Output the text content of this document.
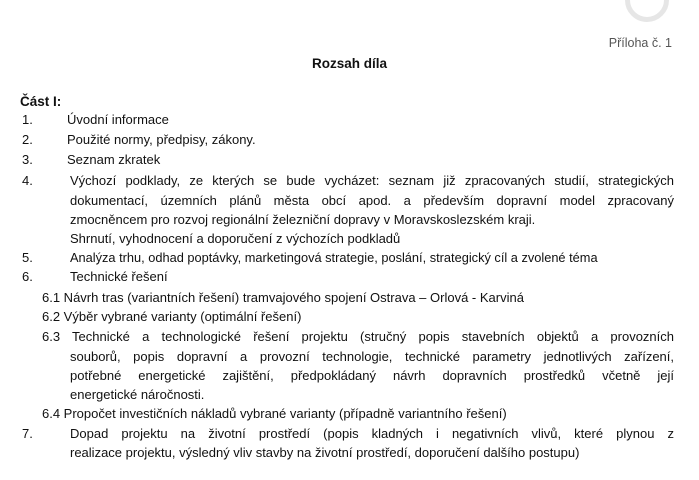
Příloha č. 1
Rozsah díla
Část I:
1.	Úvodní informace
2.	Použité normy, předpisy, zákony.
3.	Seznam zkratek
4.	Výchozí podklady, ze kterých se bude vycházet: seznam již zpracovaných studií, strategických
dokumentací, územních plánů města obcí apod. a především dopravní model zpracovaný
zmocněncem pro rozvoj regionální železniční dopravy v Moravskoslezském kraji.
Shrnutí, vyhodnocení a doporučení z výchozích podkladů
5.	Analýza trhu, odhad poptávky, marketingová strategie, poslání, strategický cíl a zvolené téma
6.	Technické řešení
6.1 Návrh tras (variantních řešení) tramvajového spojení Ostrava – Orlová - Karviná
6.2 Výběr vybrané varianty (optimální řešení)
6.3 Technické a technologické řešení projektu (stručný popis stavebních objektů a provozních
souborů, popis dopravní a provozní technologie, technické parametry jednotlivých zařízení,
potřebné energetické zajištění, předpokládaný návrh dopravních prostředků včetně její
energetické náročnosti.
6.4 Propočet investičních nákladů vybrané varianty (případně variantního řešení)
7.	Dopad projektu na životní prostředí (popis kladných i negativních vlivů, které plynou z
realizace projektu, výsledný vliv stavby na životní prostředí, doporučení dalšího postupu)
